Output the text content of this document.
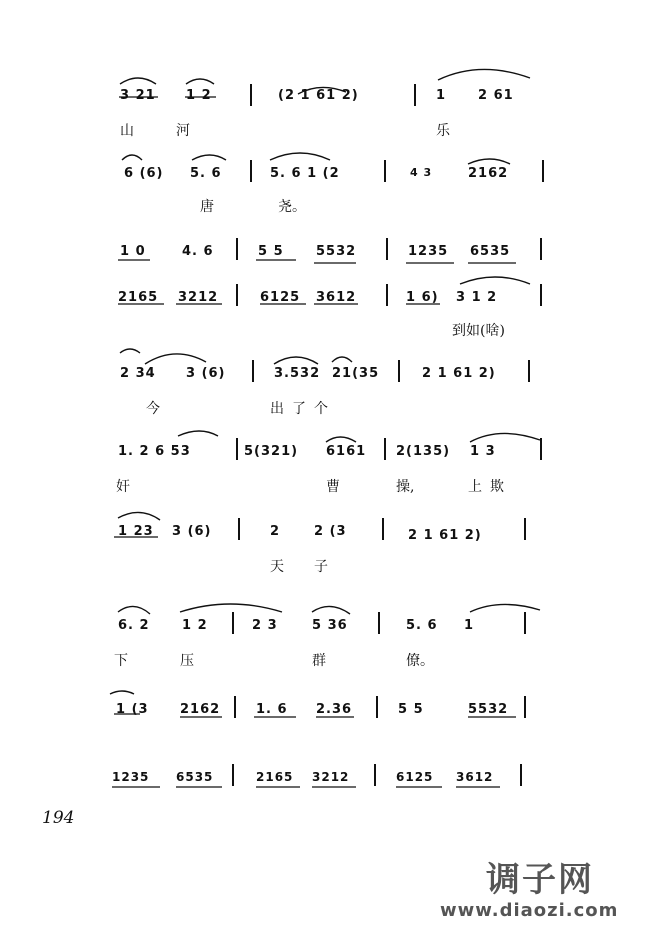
3 21 1 2	(2 1 61 2)	1 2 61
山	河	乐
6 (6) 5. 6	5. 6 1 (2	4 3	2162
唐	尧。
1 0	4. 6	5 5 5532	1235 6535
2165 3212	6125 3612	1 6) 3 1 2
到如(啥)
2 34 3 (6)	3.532 21(35	2 1 61 2)
今	出了个
1. 2 6 53	5(321) 6161 2(135) 1 3
奸	曹	操,	上欺
1 23 3 (6)	2	2 (3	2 1 61 2)
天 子
6. 2 1 2	2 3	5 36	5. 6 1
下	压	群	僚。
1 (3 2162	1. 6 2.36	5 5	5532
1235 6535	2165 3212	6125 3612
194
调子网
www.diaozi.com
